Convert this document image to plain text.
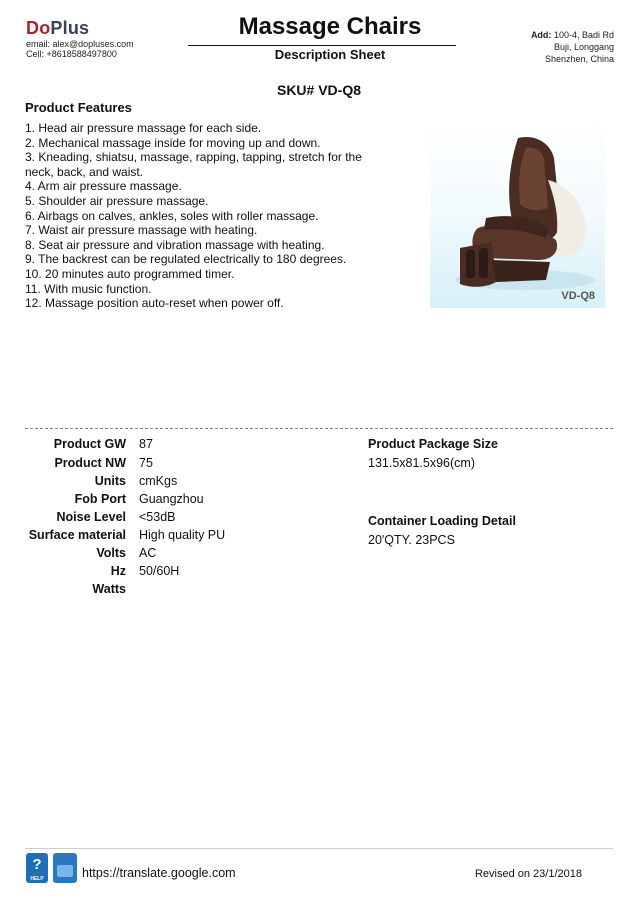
DoPlus
email: alex@dopluses.com
Cell: +8618588497800
Massage Chairs
Description Sheet
Add: 100-4, Badi Rd
Buji, Longgang
Shenzhen, China
SKU# VD-Q8
Product Features
1. Head air pressure massage for each side.
2. Mechanical massage inside for moving up and down.
3. Kneading, shiatsu, massage, rapping, tapping, stretch for the
neck, back, and waist.
4. Arm air pressure massage.
5. Shoulder air pressure massage.
6. Airbags on calves, ankles, soles with roller massage.
7. Waist air pressure massage with heating.
8. Seat air pressure and vibration massage with heating.
9. The backrest can be regulated electrically to 180 degrees.
10. 20 minutes auto programmed timer.
11. With music function.
12. Massage position auto-reset when power off.
VD-Q8
Product GW 87
Product NW 75
Units cmKgs
Fob Port Guangzhou
Noise Level <53dB
Surface material High quality PU
Volts AC
Hz 50/60H
Watts
Product Package Size
131.5x81.5x96(cm)
Container Loading Detail
20'QTY. 23PCS
?
HELP	https://translate.google.com	Revised on 23/1/2018
